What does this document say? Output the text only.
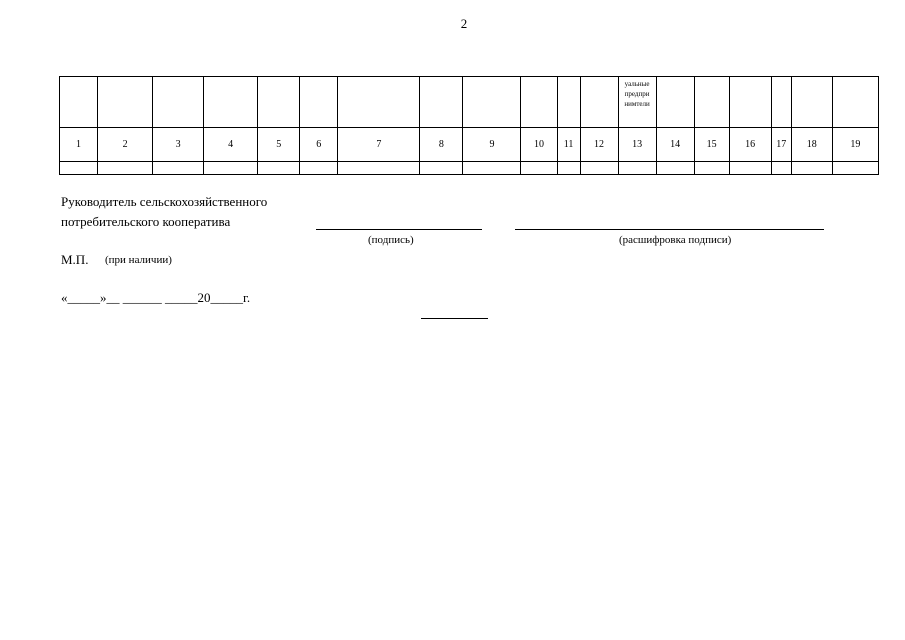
2

												уальные
предпри
нимтели						

1	2	3	4	5	6	7	8	9	10	11	12	13	14	15	16	17	18	19

Руководитель сельскохозяйственного
потребительского кооператива
(подпись)	(расшифровка подписи)
М.П. (при наличии)
«_____»__ ______ _____20_____г.
